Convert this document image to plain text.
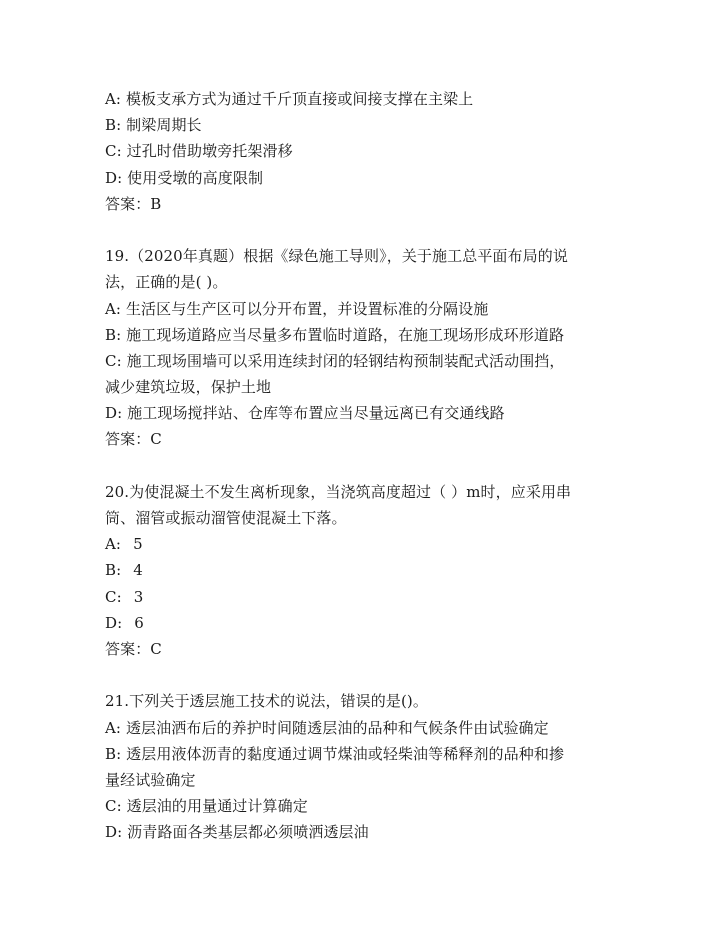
A: 模板支承方式为通过千斤顶直接或间接支撑在主梁上
B: 制梁周期长
C: 过孔时借助墩旁托架滑移
D: 使用受墩的高度限制
答案：B
19.（2020年真题）根据《绿色施工导则》，关于施工总平面布局的说
法，正确的是( )。
A: 生活区与生产区可以分开布置，并设置标准的分隔设施
B: 施工现场道路应当尽量多布置临时道路，在施工现场形成环形道路
C: 施工现场围墙可以采用连续封闭的轻钢结构预制装配式活动围挡，
减少建筑垃圾，保护土地
D: 施工现场搅拌站、仓库等布置应当尽量远离已有交通线路
答案：C
20.为使混凝土不发生离析现象，当浇筑高度超过（ ）m时，应采用串
筒、溜管或振动溜管使混凝土下落。
A: 5
B: 4
C: 3
D: 6
答案：C
21.下列关于透层施工技术的说法，错误的是()。
A: 透层油洒布后的养护时间随透层油的品种和气候条件由试验确定
B: 透层用液体沥青的黏度通过调节煤油或轻柴油等稀释剂的品种和掺
量经试验确定
C: 透层油的用量通过计算确定
D: 沥青路面各类基层都必须喷洒透层油
